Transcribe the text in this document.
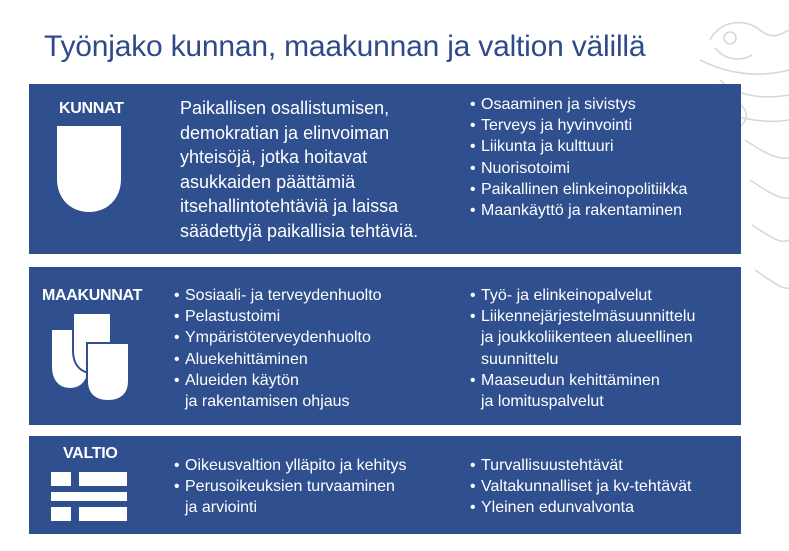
Työnjako kunnan, maakunnan ja valtion välillä
KUNNAT	Paikallisen osallistumisen, demokratian ja elinvoiman yhteisöjä, jotka hoitavat asukkaiden päättämiä itsehallintotehtäviä ja laissa säädettyjä paikallisia tehtäviä.
• Osaaminen ja sivistys
• Terveys ja hyvinvointi
• Liikunta ja kulttuuri
• Nuorisotoimi
• Paikallinen elinkeinopolitiikka
• Maankäyttö ja rakentaminen
MAAKUNNAT
•	Sosiaali- ja terveydenhuolto
• Pelastustoimi
• Ympäristöterveydenhuolto
• Aluekehittäminen
• Alueiden käytön
ja rakentamisen ohjaus
• Työ- ja elinkeinopalvelut
• Liikennejärjestelmäsuunnittelu
ja joukkoliikenteen alueellinen
suunnittelu
• Maaseudun kehittäminen
ja lomituspalvelut
VALTIO
• Oikeusvaltion ylläpito ja kehitys
• Perusoikeuksien turvaaminen
ja arviointi
• Turvallisuustehtävät
• Valtakunnalliset ja kv-tehtävät
• Yleinen edunvalvonta
